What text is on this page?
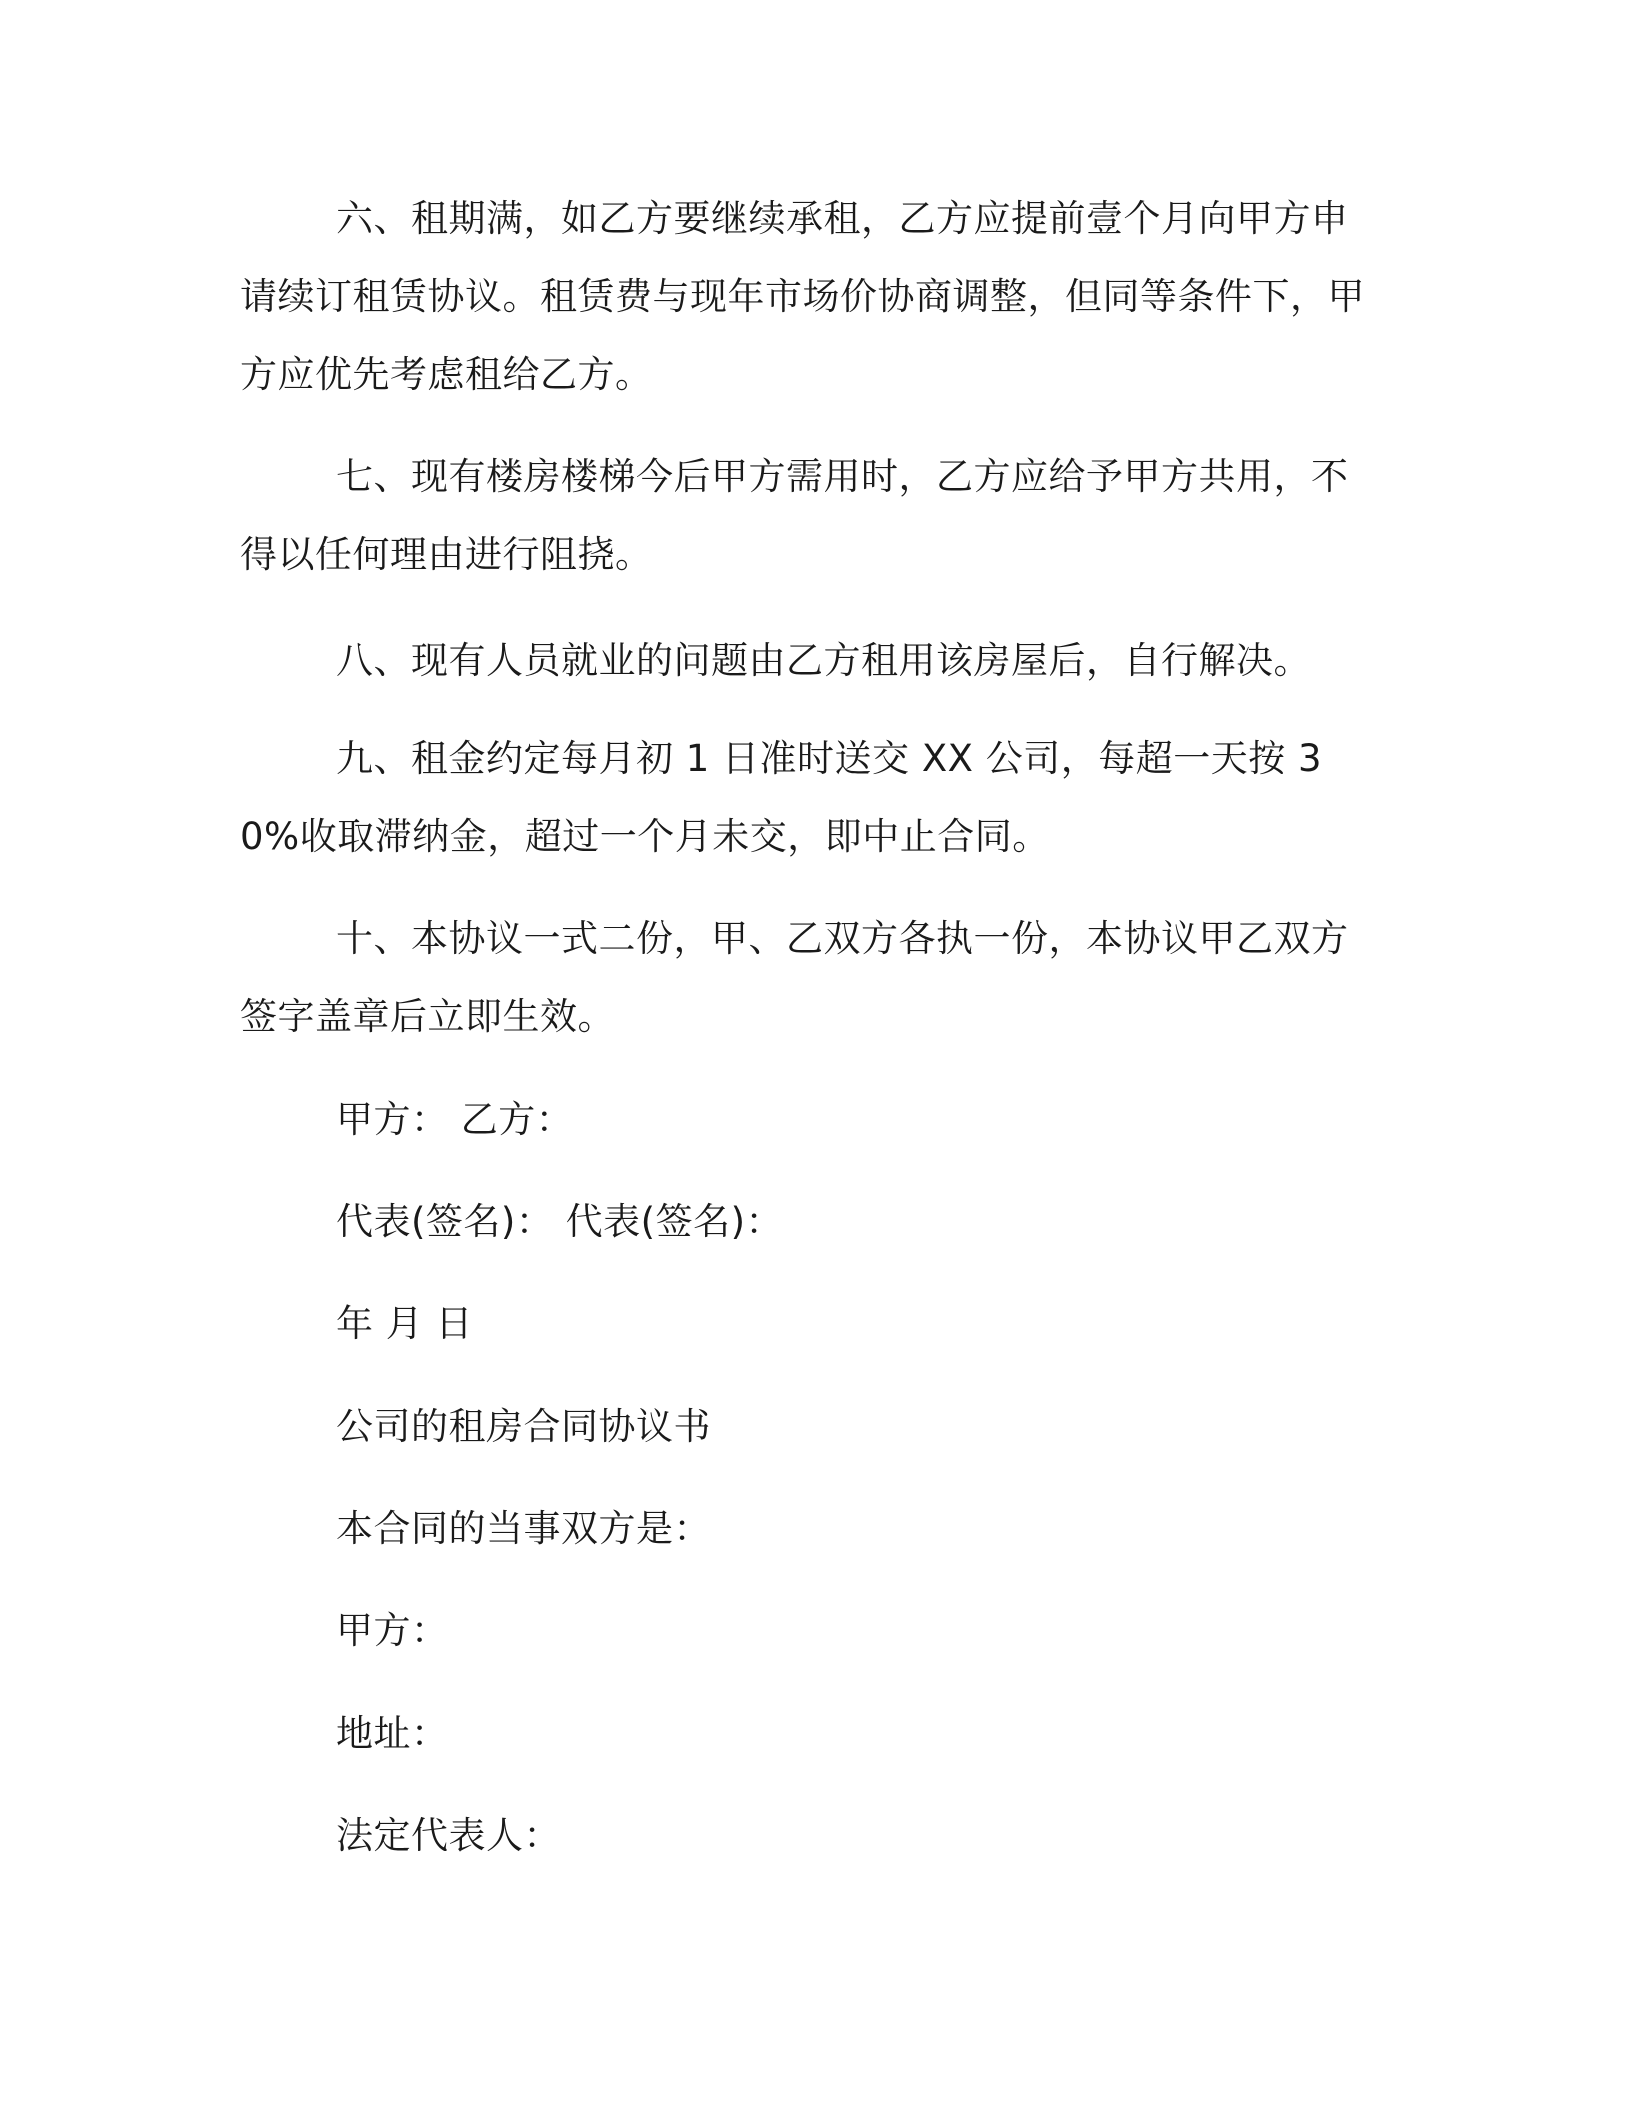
六、租期满，如乙方要继续承租，乙方应提前壹个月向甲方申请续订租赁协议。租赁费与现年市场价协商调整，但同等条件下，甲方应优先考虑租给乙方。

七、现有楼房楼梯今后甲方需用时，乙方应给予甲方共用，不得以任何理由进行阻挠。

八、现有人员就业的问题由乙方租用该房屋后，自行解决。

九、租金约定每月初 1 日准时送交 XX 公司，每超一天按 30%收取滞纳金，超过一个月未交，即中止合同。

十、本协议一式二份，甲、乙双方各执一份，本协议甲乙双方签字盖章后立即生效。

甲方： 乙方：

代表(签名)： 代表(签名)：

年 月 日

公司的租房合同协议书

本合同的当事双方是：

甲方：

地址：

法定代表人：
